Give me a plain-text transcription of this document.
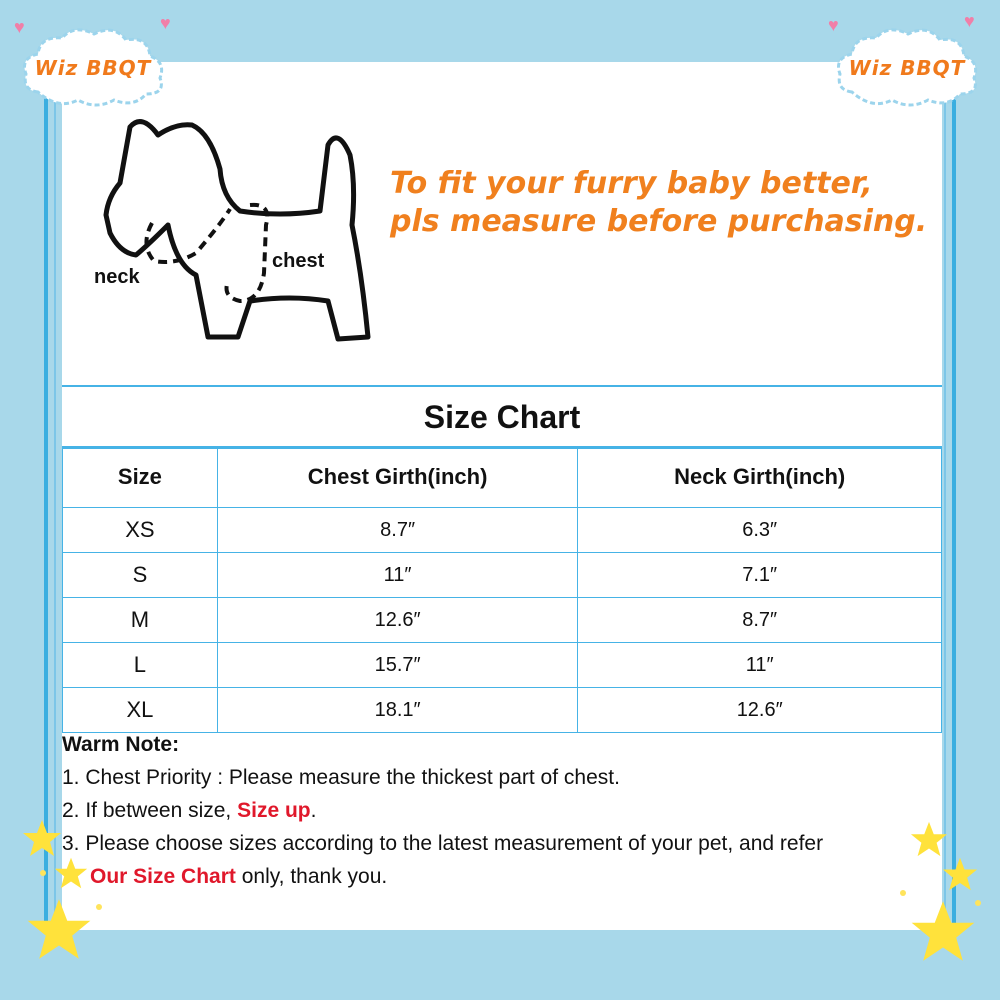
♥	♥
Wiz BBQT
♥	♥
Wiz BBQT
neck
chest
To fit your furry baby better,
pls measure before purchasing.
Size Chart
Size	Chest Girth(inch)	Neck Girth(inch)
XS	8.7″	6.3″
S	11″	7.1″
M	12.6″	8.7″
L	15.7″	11″
XL	18.1″	12.6″
Warm Note:
1. Chest Priority : Please measure the thickest part of chest.
2. If between size, Size up.
3. Please choose sizes according to the latest measurement of your pet, and refer
Our Size Chart only, thank you.
